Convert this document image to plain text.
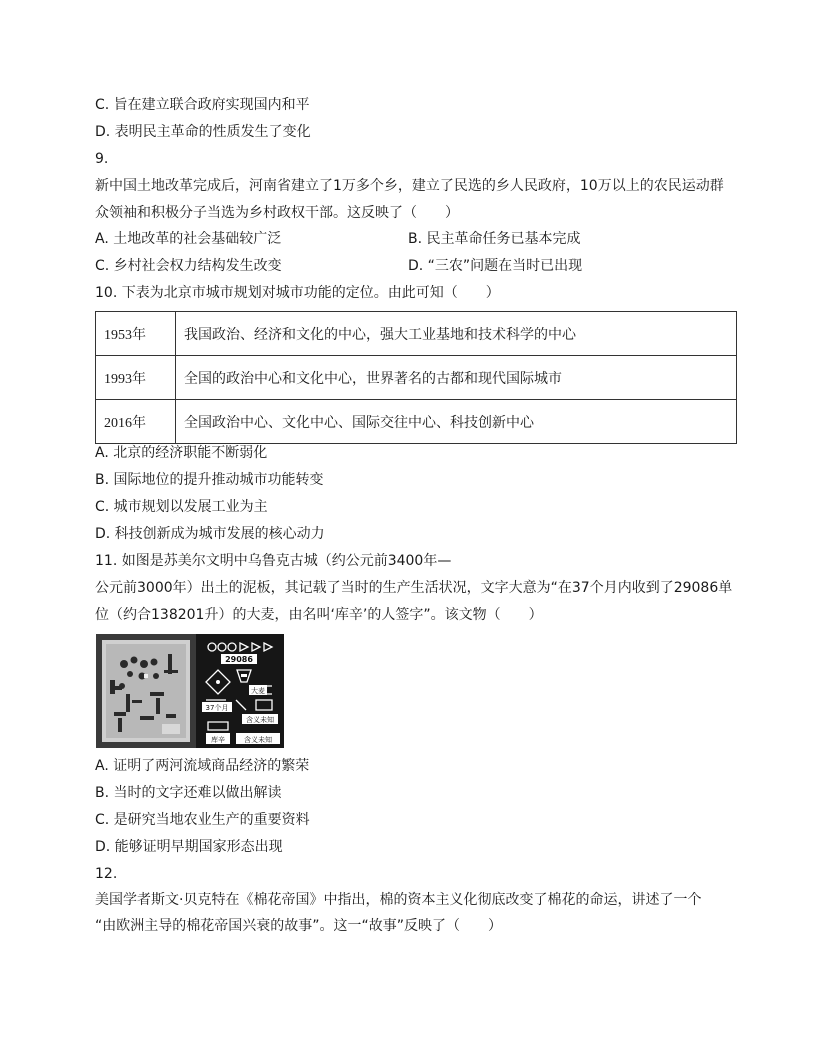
C. 旨在建立联合政府实现国内和平
D. 表明民主革命的性质发生了变化
9.
新中国土地改革完成后，河南省建立了1万多个乡，建立了民选的乡人民政府，10万以上的农民运动群
众领袖和积极分子当选为乡村政权干部。这反映了（　　）
A. 土地改革的社会基础较广泛	B. 民主革命任务已基本完成
C. 乡村社会权力结构发生改变	D. “三农”问题在当时已出现
10. 下表为北京市城市规划对城市功能的定位。由此可知（　　）
1953年	我国政治、经济和文化的中心，强大工业基地和技术科学的中心
1993年	全国的政治中心和文化中心，世界著名的古都和现代国际城市
2016年	全国政治中心、文化中心、国际交往中心、科技创新中心
A. 北京的经济职能不断弱化
B. 国际地位的提升推动城市功能转变
C. 城市规划以发展工业为主
D. 科技创新成为城市发展的核心动力
11. 如图是苏美尔文明中乌鲁克古城（约公元前3400年—
公元前3000年）出土的泥板，其记载了当时的生产生活状况，文字大意为“在37个月内收到了29086单
位（约合138201升）的大麦，由名叫‘库辛’的人签字”。该文物（　　）
29086
大麦
37个月
含义未知
库辛	含义未知
A. 证明了两河流域商品经济的繁荣
B. 当时的文字还难以做出解读
C. 是研究当地农业生产的重要资料
D. 能够证明早期国家形态出现
12.
美国学者斯文·贝克特在《棉花帝国》中指出，棉的资本主义化彻底改变了棉花的命运，讲述了一个
“由欧洲主导的棉花帝国兴衰的故事”。这一“故事”反映了（　　）
